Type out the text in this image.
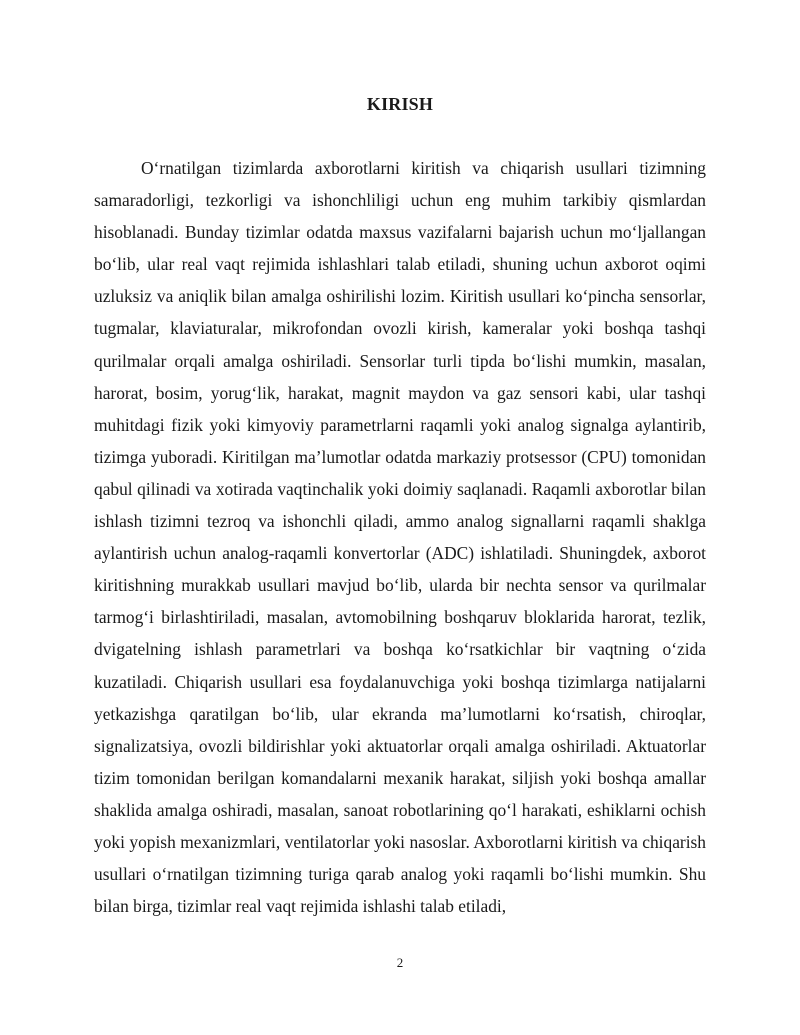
KIRISH

O‘rnatilgan tizimlarda axborotlarni kiritish va chiqarish usullari tizimning samaradorligi, tezkorligi va ishonchliligi uchun eng muhim tarkibiy qismlardan hisoblanadi. Bunday tizimlar odatda maxsus vazifalarni bajarish uchun mo‘ljallangan bo‘lib, ular real vaqt rejimida ishlashlari talab etiladi, shuning uchun axborot oqimi uzluksiz va aniqlik bilan amalga oshirilishi lozim. Kiritish usullari ko‘pincha sensorlar, tugmalar, klaviaturalar, mikrofondan ovozli kirish, kameralar yoki boshqa tashqi qurilmalar orqali amalga oshiriladi. Sensorlar turli tipda bo‘lishi mumkin, masalan, harorat, bosim, yorug‘lik, harakat, magnit maydon va gaz sensori kabi, ular tashqi muhitdagi fizik yoki kimyoviy parametrlarni raqamli yoki analog signalga aylantirib, tizimga yuboradi. Kiritilgan ma’lumotlar odatda markaziy protsessor (CPU) tomonidan qabul qilinadi va xotirada vaqtinchalik yoki doimiy saqlanadi. Raqamli axborotlar bilan ishlash tizimni tezroq va ishonchli qiladi, ammo analog signallarni raqamli shaklga aylantirish uchun analog-raqamli konvertorlar (ADC) ishlatiladi. Shuningdek, axborot kiritishning murakkab usullari mavjud bo‘lib, ularda bir nechta sensor va qurilmalar tarmog‘i birlashtiriladi, masalan, avtomobilning boshqaruv bloklarida harorat, tezlik, dvigatelning ishlash parametrlari va boshqa ko‘rsatkichlar bir vaqtning o‘zida kuzatiladi. Chiqarish usullari esa foydalanuvchiga yoki boshqa tizimlarga natijalarni yetkazishga qaratilgan bo‘lib, ular ekranda ma’lumotlarni ko‘rsatish, chiroqlar, signalizatsiya, ovozli bildirishlar yoki aktuatorlar orqali amalga oshiriladi. Aktuatorlar tizim tomonidan berilgan komandalarni mexanik harakat, siljish yoki boshqa amallar shaklida amalga oshiradi, masalan, sanoat robotlarining qo‘l harakati, eshiklarni ochish yoki yopish mexanizmlari, ventilatorlar yoki nasoslar. Axborotlarni kiritish va chiqarish usullari o‘rnatilgan tizimning turiga qarab analog yoki raqamli bo‘lishi mumkin. Shu bilan birga, tizimlar real vaqt rejimida ishlashi talab etiladi,

2
